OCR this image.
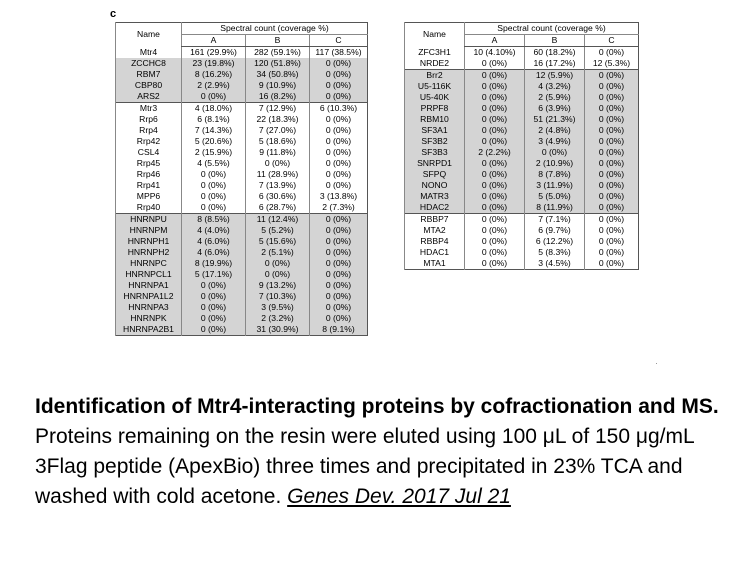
c
Name	Spectral count (coverage %)		
	A	B	C
Mtr4	161 (29.9%)	282 (59.1%)	117 (38.5%)
ZCCHC8	23 (19.8%)	120 (51.8%)	0 (0%)
RBM7	8 (16.2%)	34 (50.8%)	0 (0%)
CBP80	2 (2.9%)	9 (10.9%)	0 (0%)
ARS2	0 (0%)	16 (8.2%)	0 (0%)
Mtr3	4 (18.0%)	7 (12.9%)	6 (10.3%)
Rrp6	6 (8.1%)	22 (18.3%)	0 (0%)
Rrp4	7 (14.3%)	7 (27.0%)	0 (0%)
Rrp42	5 (20.6%)	5 (18.6%)	0 (0%)
CSL4	2 (15.9%)	9 (11.8%)	0 (0%)
Rrp45	4 (5.5%)	0 (0%)	0 (0%)
Rrp46	0 (0%)	11 (28.9%)	0 (0%)
Rrp41	0 (0%)	7 (13.9%)	0 (0%)
MPP6	0 (0%)	6 (30.6%)	3 (13.8%)
Rrp40	0 (0%)	6 (28.7%)	2 (7.3%)
HNRNPU	8 (8.5%)	11 (12.4%)	0 (0%)
HNRNPM	4 (4.0%)	5 (5.2%)	0 (0%)
HNRNPH1	4 (6.0%)	5 (15.6%)	0 (0%)
HNRNPH2	4 (6.0%)	2 (5.1%)	0 (0%)
HNRNPC	8 (19.9%)	0 (0%)	0 (0%)
HNRNPCL1	5 (17.1%)	0 (0%)	0 (0%)
HNRNPA1	0 (0%)	9 (13.2%)	0 (0%)
HNRNPA1L2	0 (0%)	7 (10.3%)	0 (0%)
HNRNPA3	0 (0%)	3 (9.5%)	0 (0%)
HNRNPK	0 (0%)	2 (3.2%)	0 (0%)
HNRNPA2B1	0 (0%)	31 (30.9%)	8 (9.1%)
Name	Spectral count (coverage %)		
	A	B	C
ZFC3H1	10 (4.10%)	60 (18.2%)	0 (0%)
NRDE2	0 (0%)	16 (17.2%)	12 (5.3%)
Brr2	0 (0%)	12 (5.9%)	0 (0%)
U5-116K	0 (0%)	4 (3.2%)	0 (0%)
U5-40K	0 (0%)	2 (5.9%)	0 (0%)
PRPF8	0 (0%)	6 (3.9%)	0 (0%)
RBM10	0 (0%)	51 (21.3%)	0 (0%)
SF3A1	0 (0%)	2 (4.8%)	0 (0%)
SF3B2	0 (0%)	3 (4.9%)	0 (0%)
SF3B3	2 (2.2%)	0 (0%)	0 (0%)
SNRPD1	0 (0%)	2 (10.9%)	0 (0%)
SFPQ	0 (0%)	8 (7.8%)	0 (0%)
NONO	0 (0%)	3 (11.9%)	0 (0%)
MATR3	0 (0%)	5 (5.0%)	0 (0%)
HDAC2	0 (0%)	8 (11.9%)	0 (0%)
RBBP7	0 (0%)	7 (7.1%)	0 (0%)
MTA2	0 (0%)	6 (9.7%)	0 (0%)
RBBP4	0 (0%)	6 (12.2%)	0 (0%)
HDAC1	0 (0%)	5 (8.3%)	0 (0%)
MTA1	0 (0%)	3 (4.5%)	0 (0%)
Identification of Mtr4-interacting proteins by cofractionation and MS.
Proteins remaining on the resin were eluted using 100 μL of 150 μg/mL 3Flag peptide (ApexBio) three times and precipitated in 23% TCA and washed with cold acetone. Genes Dev. 2017 Jul 21
